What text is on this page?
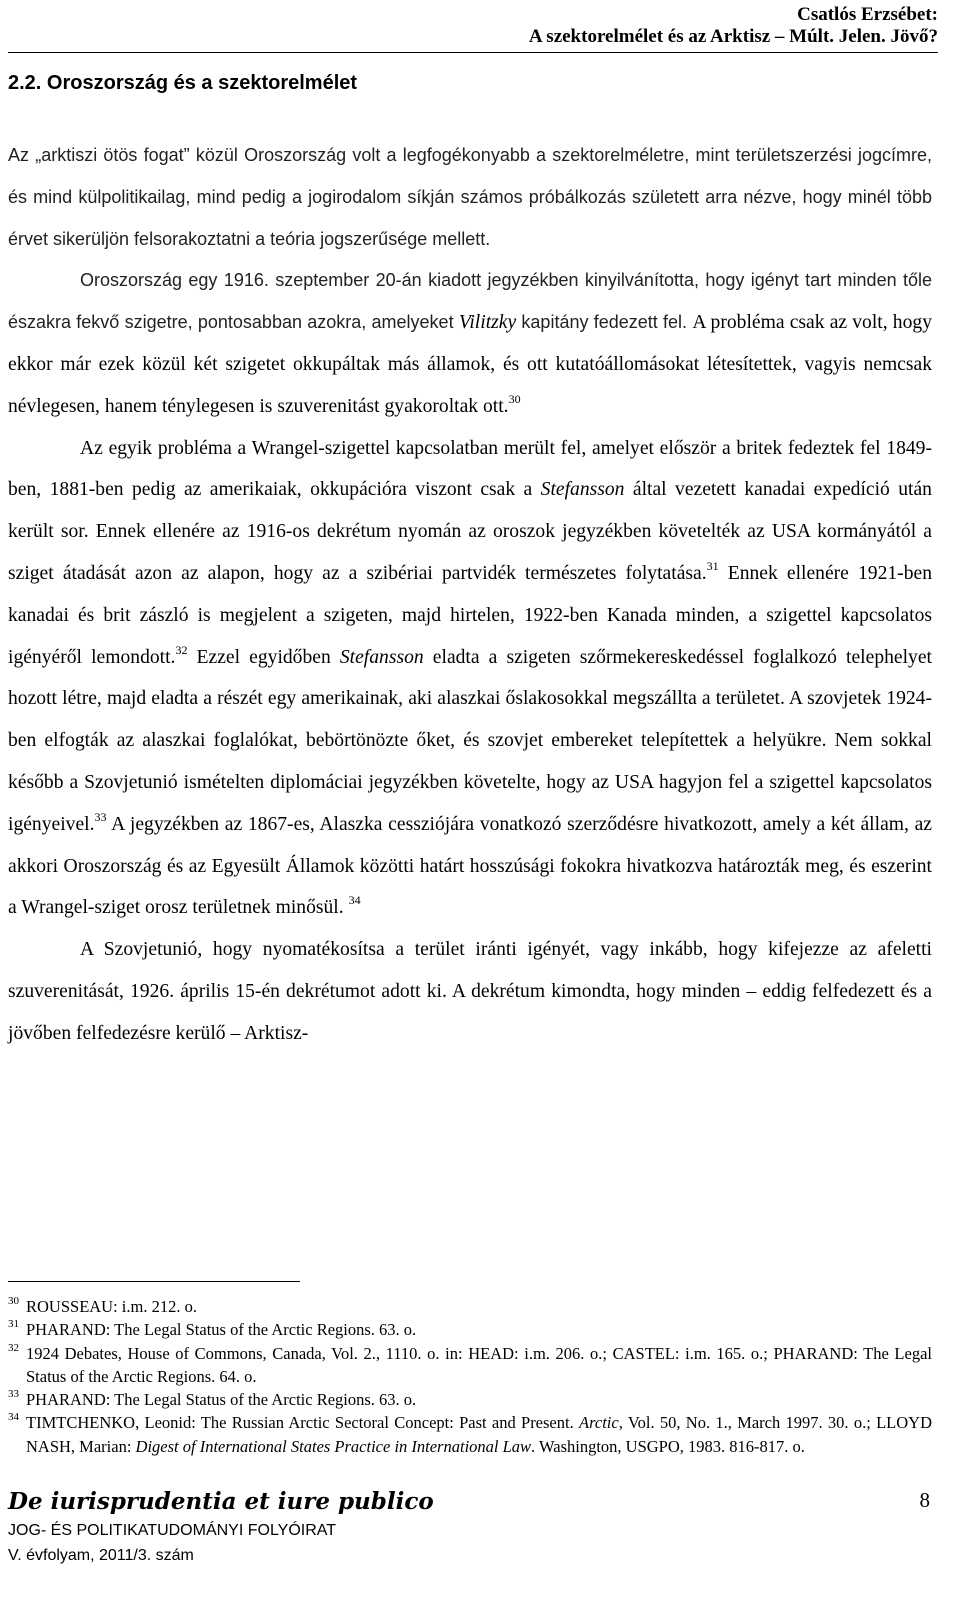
Csatlós Erzsébet:
A szektorelmélet és az Arktisz – Múlt. Jelen. Jövő?
2.2. Oroszország és a szektorelmélet

Az „arktiszi ötös fogat” közül Oroszország volt a legfogékonyabb a szektorelméletre, mint területszerzési jogcímre, és mind külpolitikailag, mind pedig a jogirodalom síkján számos próbálkozás született arra nézve, hogy minél több érvet sikerüljön felsorakoztatni a teória jogszerűsége mellett.

Oroszország egy 1916. szeptember 20-án kiadott jegyzékben kinyilvánította, hogy igényt tart minden tőle északra fekvő szigetre, pontosabban azokra, amelyeket Vilitzky kapitány fedezett fel. A probléma csak az volt, hogy ekkor már ezek közül két szigetet okkupáltak más államok, és ott kutatóállomásokat létesítettek, vagyis nemcsak névlegesen, hanem ténylegesen is szuverenitást gyakoroltak ott.$^{30}$

Az egyik probléma a Wrangel-szigettel kapcsolatban merült fel, amelyet először a britek fedeztek fel 1849-ben, 1881-ben pedig az amerikaiak, okkupációra viszont csak a Stefansson által vezetett kanadai expedíció után került sor. Ennek ellenére az 1916-os dekrétum nyomán az oroszok jegyzékben követelték az USA kormányától a sziget átadását azon az alapon, hogy az a szibériai partvidék természetes folytatása.$^{31}$ Ennek ellenére 1921-ben kanadai és brit zászló is megjelent a szigeten, majd hirtelen, 1922-ben Kanada minden, a szigettel kapcsolatos igényéről lemondott.$^{32}$ Ezzel egyidőben Stefansson eladta a szigeten szőrmekereskedéssel foglalkozó telephelyet hozott létre, majd eladta a részét egy amerikainak, aki alaszkai őslakosokkal megszállta a területet. A szovjetek 1924-ben elfogták az alaszkai foglalókat, bebörtönözte őket, és szovjet embereket telepítettek a helyükre. Nem sokkal később a Szovjetunió ismételten diplomáciai jegyzékben követelte, hogy az USA hagyjon fel a szigettel kapcsolatos igényeivel.$^{33}$ A jegyzékben az 1867-es, Alaszka cessziójára vonatkozó szerződésre hivatkozott, amely a két állam, az akkori Oroszország és az Egyesült Államok közötti határt hosszúsági fokokra hivatkozva határozták meg, és eszerint a Wrangel-sziget orosz területnek minősül. $^{34}$

A Szovjetunió, hogy nyomatékosítsa a terület iránti igényét, vagy inkább, hogy kifejezze az afeletti szuverenitását, 1926. április 15-én dekrétumot adott ki. A dekrétum kimondta, hogy minden – eddig felfedezett és a jövőben felfedezésre kerülő – Arktisz-

30 ROUSSEAU: i.m. 212. o.
31 PHARAND: The Legal Status of the Arctic Regions. 63. o.
32 1924 Debates, House of Commons, Canada, Vol. 2., 1110. o. in: HEAD: i.m. 206. o.; CASTEL: i.m. 165. o.; PHARAND: The Legal Status of the Arctic Regions. 64. o.
33 PHARAND: The Legal Status of the Arctic Regions. 63. o.
34 TIMTCHENKO, Leonid: The Russian Arctic Sectoral Concept: Past and Present. Arctic, Vol. 50, No. 1., March 1997. 30. o.; LLOYD NASH, Marian: Digest of International States Practice in International Law. Washington, USGPO, 1983. 816-817. o.
De iurisprudentia et iure publico
JOG- ÉS POLITIKATUDOMÁNYI FOLYÓIRAT
V. évfolyam, 2011/3. szám
8
